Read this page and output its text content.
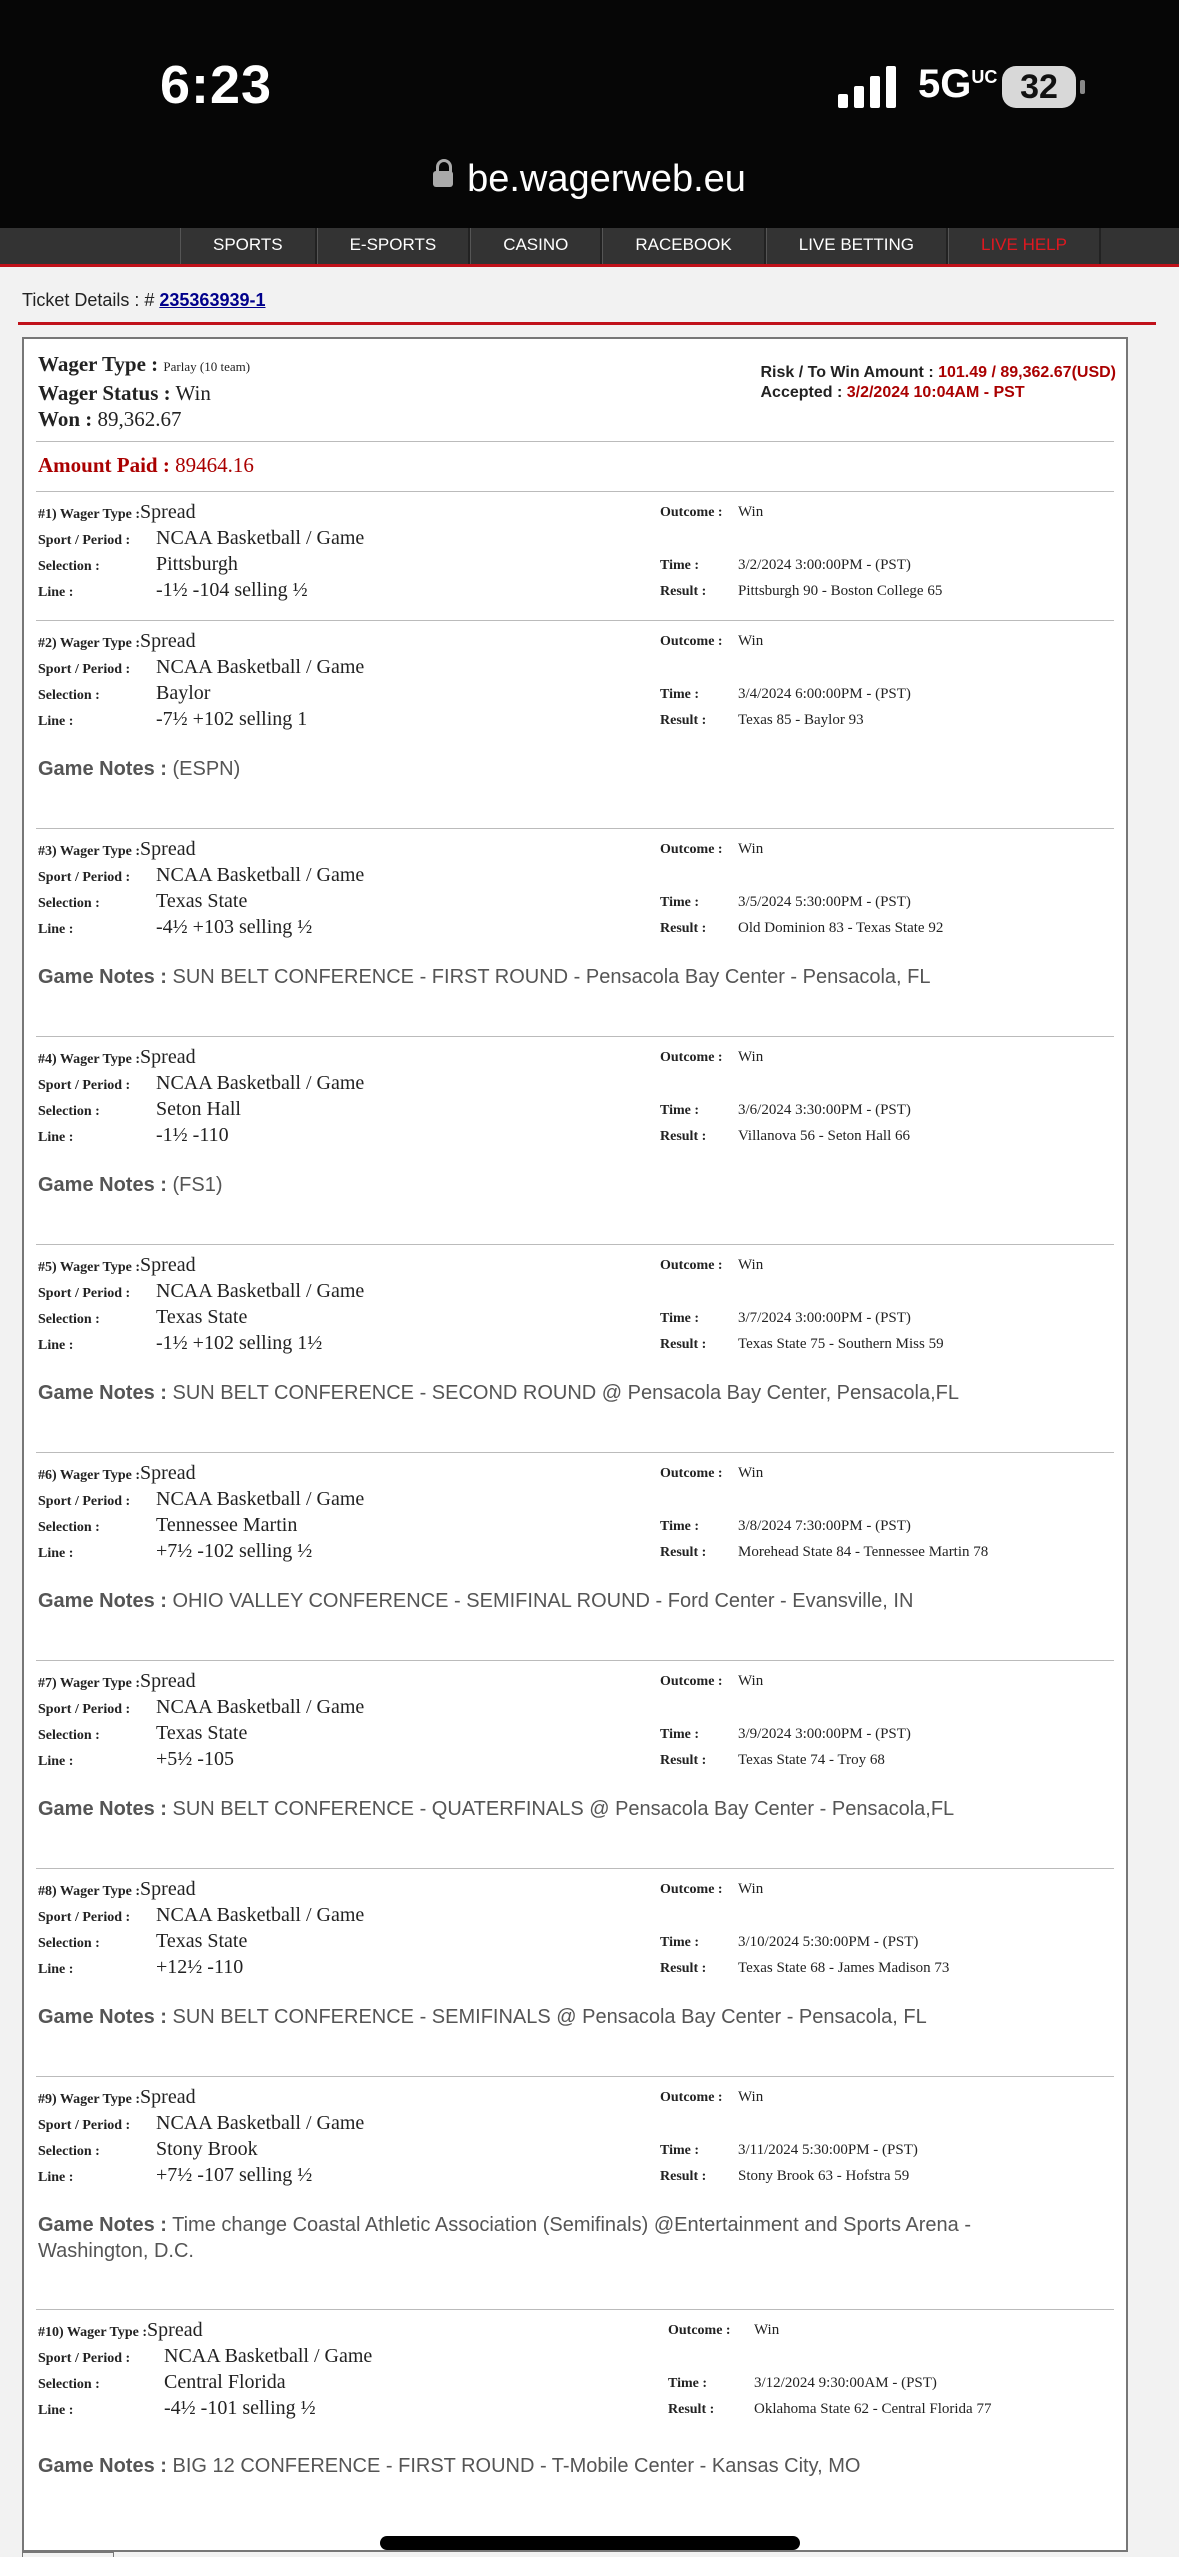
6:23	5GUC 32
be.wagerweb.eu
SPORTS	E-SPORTS	CASINO	RACEBOOK	LIVE BETTING	LIVE HELP
Ticket Details : # 235363939-1
Wager Type : Parlay (10 team)
Wager Status : Win
Won : 89,362.67
Risk / To Win Amount : 101.49 / 89,362.67(USD)
Accepted : 3/2/2024 10:04AM - PST
Amount Paid : 89464.16
#1) Wager Type :Spread
Sport / Period : NCAA Basketball / Game
Selection :	Pittsburgh
Line :	-1½ -104 selling ½
Outcome : Win
Time :	3/2/2024 3:00:00PM - (PST)
Result : Pittsburgh 90 - Boston College 65
#2) Wager Type :Spread
Sport / Period : NCAA Basketball / Game
Selection :	Baylor
Line :	-7½ +102 selling 1
Outcome : Win
Time :	3/4/2024 6:00:00PM - (PST)
Result : Texas 85 - Baylor 93
Game Notes : (ESPN)
#3) Wager Type :Spread
Sport / Period : NCAA Basketball / Game
Selection :	Texas State
Line :	-4½ +103 selling ½
Outcome : Win
Time :	3/5/2024 5:30:00PM - (PST)
Result : Old Dominion 83 - Texas State 92
Game Notes : SUN BELT CONFERENCE - FIRST ROUND - Pensacola Bay Center - Pensacola, FL
#4) Wager Type :Spread
Sport / Period : NCAA Basketball / Game
Selection :	Seton Hall
Line :	-1½ -110
Outcome : Win
Time :	3/6/2024 3:30:00PM - (PST)
Result : Villanova 56 - Seton Hall 66
Game Notes : (FS1)
#5) Wager Type :Spread
Sport / Period : NCAA Basketball / Game
Selection :	Texas State
Line :	-1½ +102 selling 1½
Outcome : Win
Time :	3/7/2024 3:00:00PM - (PST)
Result : Texas State 75 - Southern Miss 59
Game Notes : SUN BELT CONFERENCE - SECOND ROUND @ Pensacola Bay Center, Pensacola,FL
#6) Wager Type :Spread
Sport / Period : NCAA Basketball / Game
Selection :	Tennessee Martin
Line :	+7½ -102 selling ½
Outcome : Win
Time :	3/8/2024 7:30:00PM - (PST)
Result : Morehead State 84 - Tennessee Martin 78
Game Notes : OHIO VALLEY CONFERENCE - SEMIFINAL ROUND - Ford Center - Evansville, IN
#7) Wager Type :Spread
Sport / Period : NCAA Basketball / Game
Selection :	Texas State
Line :	+5½ -105
Outcome : Win
Time :	3/9/2024 3:00:00PM - (PST)
Result : Texas State 74 - Troy 68
Game Notes : SUN BELT CONFERENCE - QUATERFINALS @ Pensacola Bay Center - Pensacola,FL
#8) Wager Type :Spread
Sport / Period : NCAA Basketball / Game
Selection :	Texas State
Line :	+12½ -110
Outcome : Win
Time :	3/10/2024 5:30:00PM - (PST)
Result : Texas State 68 - James Madison 73
Game Notes : SUN BELT CONFERENCE - SEMIFINALS @ Pensacola Bay Center - Pensacola, FL
#9) Wager Type :Spread
Sport / Period : NCAA Basketball / Game
Selection :	Stony Brook
Line :	+7½ -107 selling ½
Outcome : Win
Time :	3/11/2024 5:30:00PM - (PST)
Result : Stony Brook 63 - Hofstra 59
Game Notes : Time change Coastal Athletic Association (Semifinals) @Entertainment and Sports Arena - Washington, D.C.
#10) Wager Type :Spread
Sport / Period : NCAA Basketball / Game
Selection :	Central Florida
Line :	-4½ -101 selling ½
Outcome : Win
Time :	3/12/2024 9:30:00AM - (PST)
Result :	Oklahoma State 62 - Central Florida 77
Game Notes : BIG 12 CONFERENCE - FIRST ROUND - T-Mobile Center - Kansas City, MO
